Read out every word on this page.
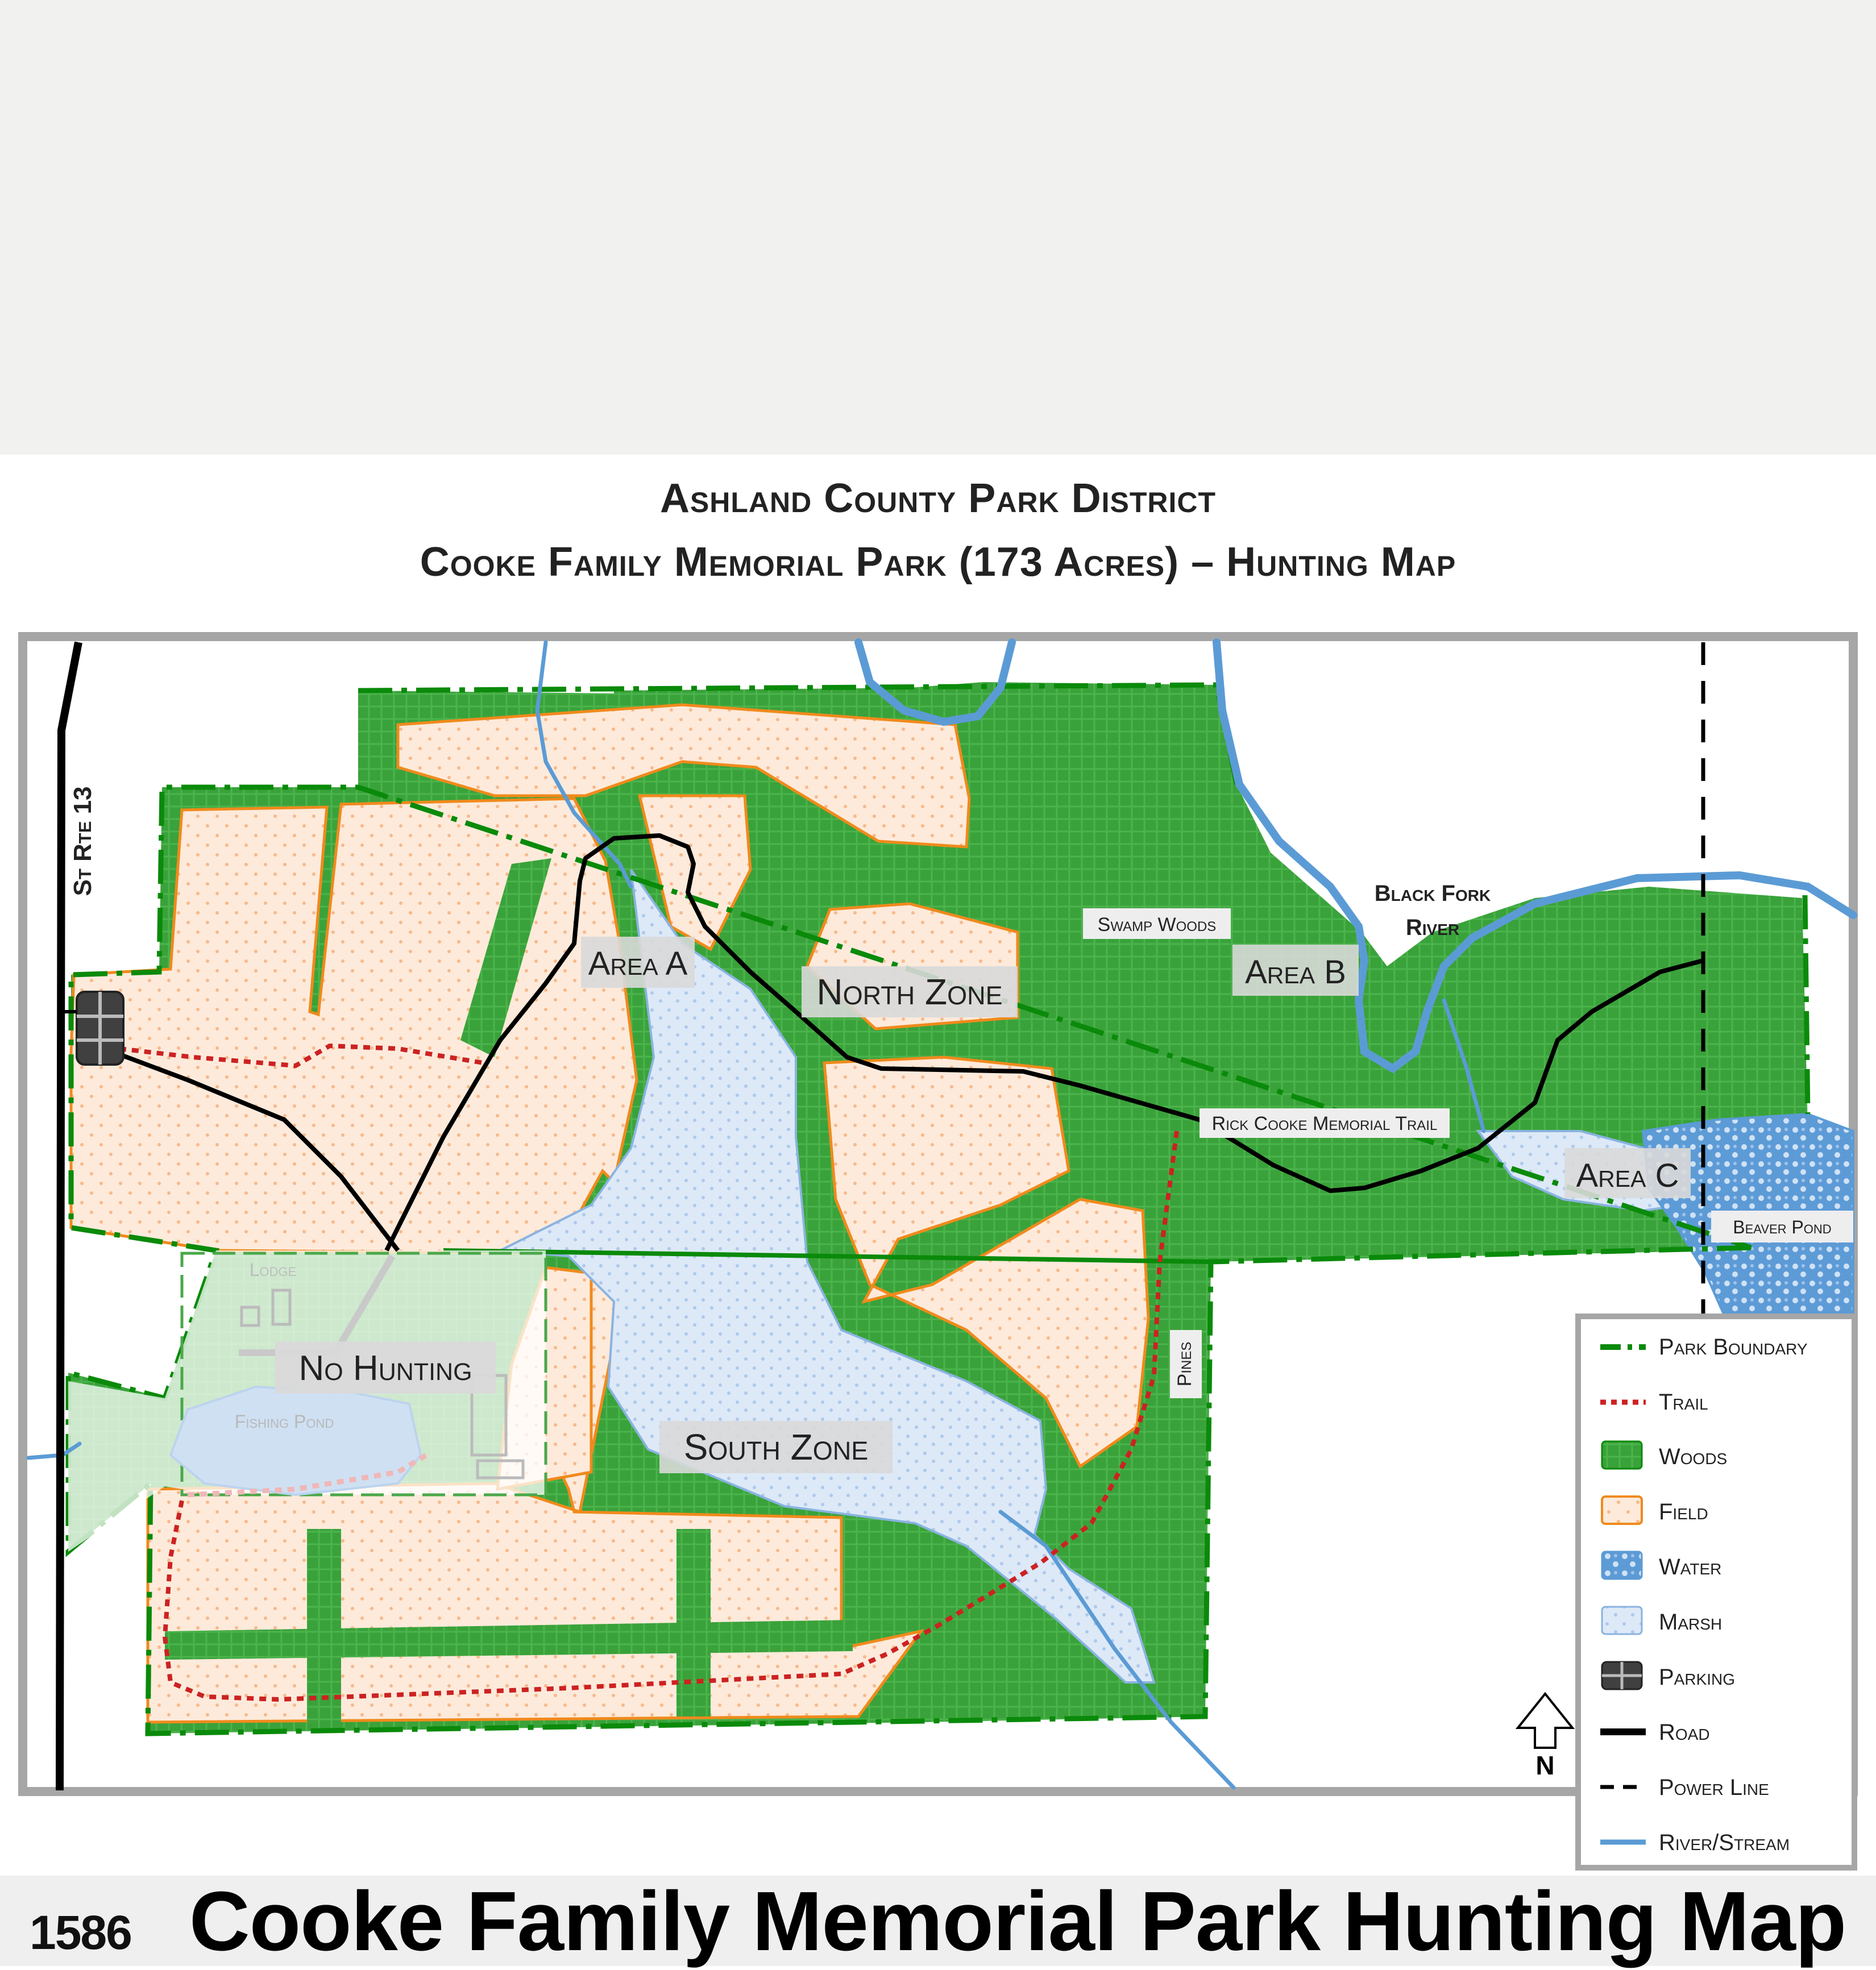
Ashland County Park District
Cooke Family Memorial Park (173 Acres) – Hunting Map
St Rte 13
Area A
North Zone
Swamp Woods
Area B
Black Fork
River
Rick Cooke Memorial Trail
Area C
Beaver Pond
Pines
Lodge
Fishing Pond
No Hunting
South Zone
N
Park Boundary
Trail
Woods
Field
Water
Marsh
Parking
Road
Power Line
River/Stream
1586 Cooke Family Memorial Park Hunting Map
